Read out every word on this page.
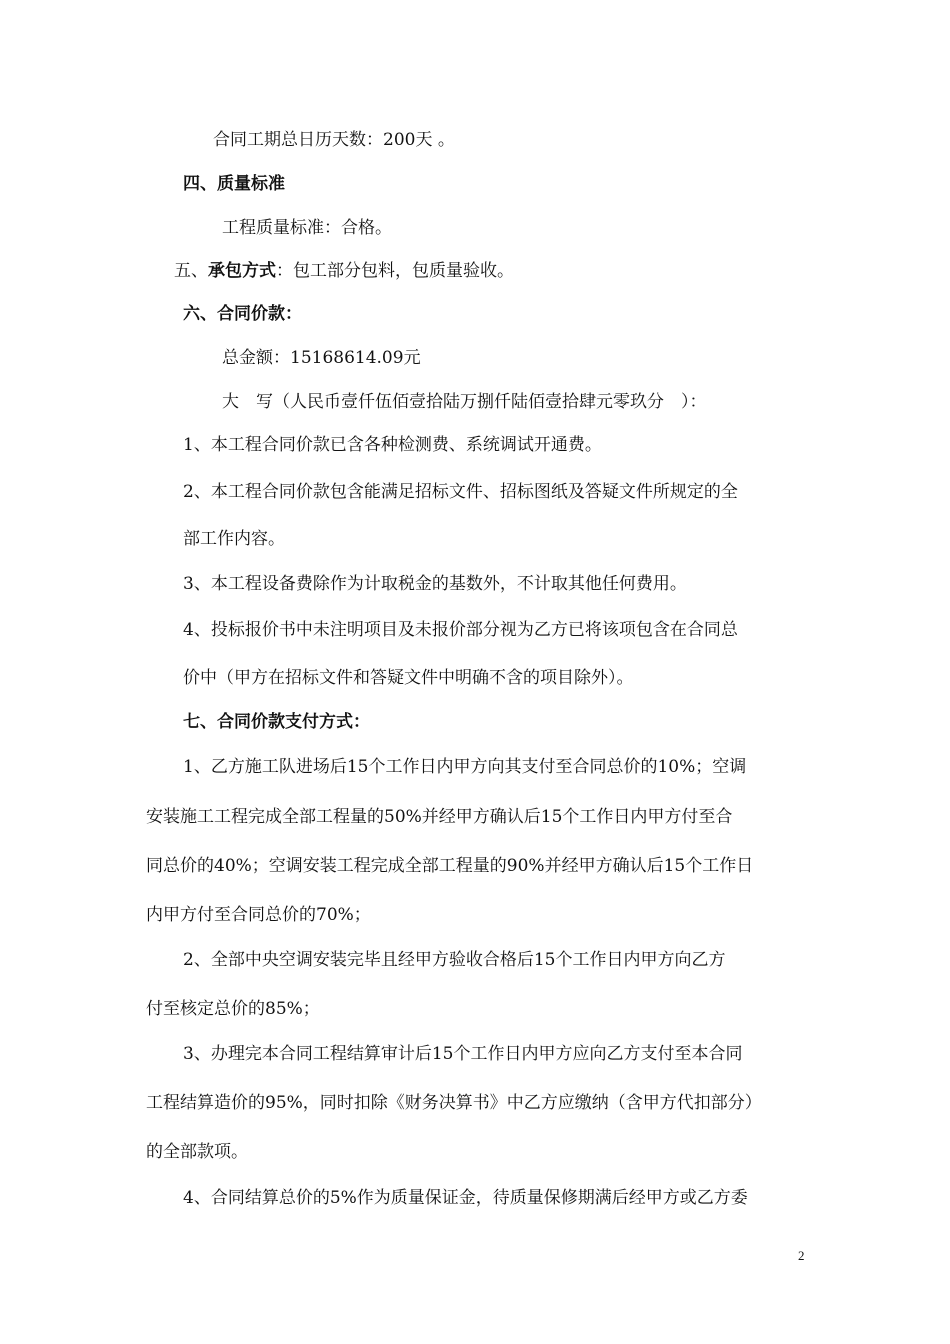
合同工期总日历天数：200天 。
四、质量标准
工程质量标准：合格。
五、承包方式：包工部分包料，包质量验收。
六、合同价款：
总金额：15168614.09元
大　写（人民币壹仟伍佰壹拾陆万捌仟陆佰壹拾肆元零玖分　）：
1、本工程合同价款已含各种检测费、系统调试开通费。
2、本工程合同价款包含能满足招标文件、招标图纸及答疑文件所规定的全
部工作内容。
3、本工程设备费除作为计取税金的基数外，不计取其他任何费用。
4、投标报价书中未注明项目及未报价部分视为乙方已将该项包含在合同总
价中（甲方在招标文件和答疑文件中明确不含的项目除外）。
七、合同价款支付方式：
1、乙方施工队进场后15个工作日内甲方向其支付至合同总价的10%；空调
安装施工工程完成全部工程量的50%并经甲方确认后15个工作日内甲方付至合
同总价的40%；空调安装工程完成全部工程量的90%并经甲方确认后15个工作日
内甲方付至合同总价的70%；
2、全部中央空调安装完毕且经甲方验收合格后15个工作日内甲方向乙方
付至核定总价的85%；
3、办理完本合同工程结算审计后15个工作日内甲方应向乙方支付至本合同
工程结算造价的95%，同时扣除《财务决算书》中乙方应缴纳（含甲方代扣部分）
的全部款项。
4、合同结算总价的5%作为质量保证金，待质量保修期满后经甲方或乙方委
2
